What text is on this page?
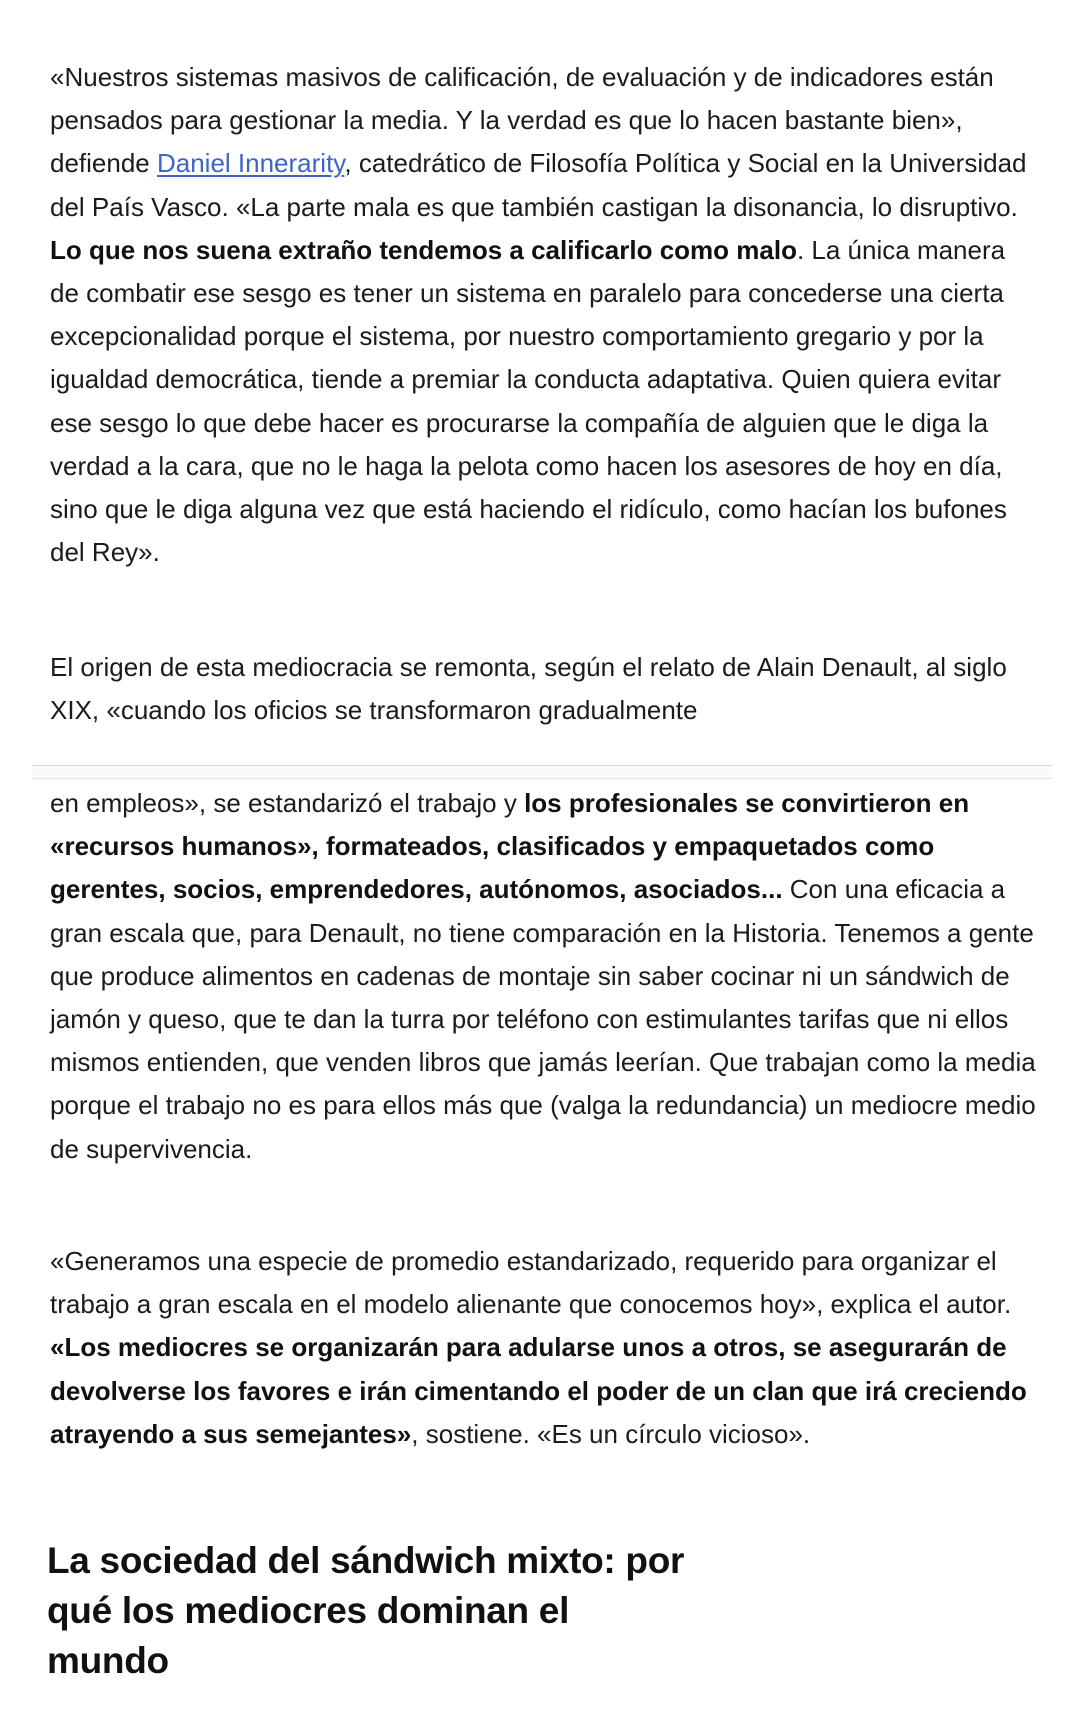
«Nuestros sistemas masivos de calificación, de evaluación y de indicadores están pensados para gestionar la media. Y la verdad es que lo hacen bastante bien», defiende Daniel Innerarity, catedrático de Filosofía Política y Social en la Universidad del País Vasco. «La parte mala es que también castigan la disonancia, lo disruptivo. Lo que nos suena extraño tendemos a calificarlo como malo. La única manera de combatir ese sesgo es tener un sistema en paralelo para concederse una cierta excepcionalidad porque el sistema, por nuestro comportamiento gregario y por la igualdad democrática, tiende a premiar la conducta adaptativa. Quien quiera evitar ese sesgo lo que debe hacer es procurarse la compañía de alguien que le diga la verdad a la cara, que no le haga la pelota como hacen los asesores de hoy en día, sino que le diga alguna vez que está haciendo el ridículo, como hacían los bufones del Rey».

El origen de esta mediocracia se remonta, según el relato de Alain Denault, al siglo XIX, «cuando los oficios se transformaron gradualmente

en empleos», se estandarizó el trabajo y los profesionales se convirtieron en «recursos humanos», formateados, clasificados y empaquetados como gerentes, socios, emprendedores, autónomos, asociados... Con una eficacia a gran escala que, para Denault, no tiene comparación en la Historia. Tenemos a gente que produce alimentos en cadenas de montaje sin saber cocinar ni un sándwich de jamón y queso, que te dan la turra por teléfono con estimulantes tarifas que ni ellos mismos entienden, que venden libros que jamás leerían. Que trabajan como la media porque el trabajo no es para ellos más que (valga la redundancia) un mediocre medio de supervivencia.

«Generamos una especie de promedio estandarizado, requerido para organizar el trabajo a gran escala en el modelo alienante que conocemos hoy», explica el autor. «Los mediocres se organizarán para adularse unos a otros, se asegurarán de devolverse los favores e irán cimentando el poder de un clan que irá creciendo atrayendo a sus semejantes», sostiene. «Es un círculo vicioso».

La sociedad del sándwich mixto: por
qué los mediocres dominan el
mundo
